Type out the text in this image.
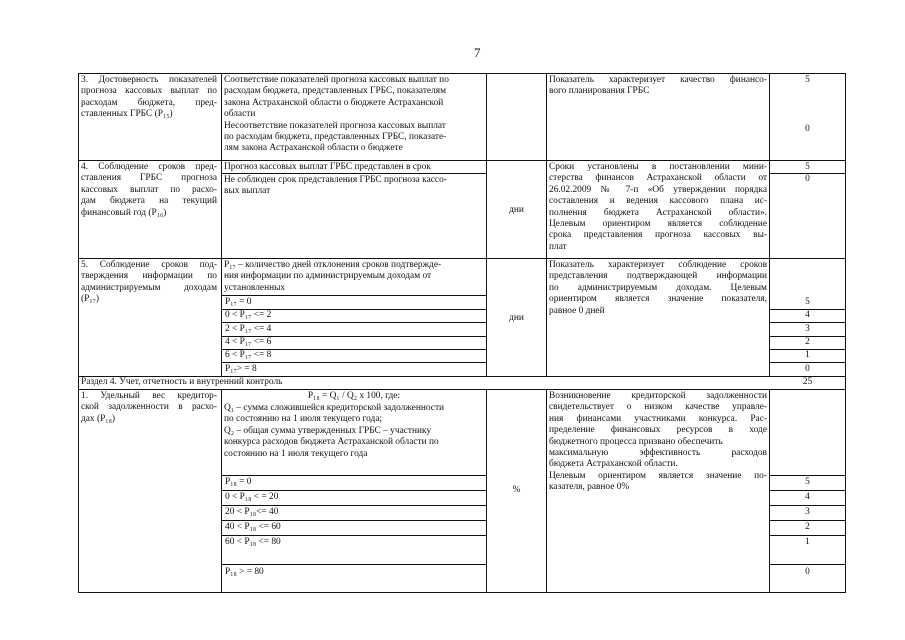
7
3. Достоверность показателей
прогноза кассовых выплат по
расходам бюджета, пред-
ставленных ГРБС (P₁₅)
Соответствие показателей прогноза кассовых выплат по
расходам бюджета, представленных ГРБС, показателям
закона Астраханской области о бюджете Астраханской
области
Несоответствие показателей прогноза кассовых выплат
по расходам бюджета, представленных ГРБС, показате-
лям закона Астраханской области о бюджете
Показатель характеризует качество финансо-
вого планирования ГРБС
5
0
4. Соблюдение сроков пред-
ставления ГРБС прогноза
кассовых выплат по расхо-
дам бюджета на текущий
финансовый год (P₁₆)
Прогноз кассовых выплат ГРБС представлен в срок
Не соблюден срок представления ГРБС прогноза кассо-
вых выплат
дни
Сроки установлены в постановлении мини-
стерства финансов Астраханской области от
26.02.2009 № 7-п «Об утверждении порядка
составления и ведения кассового плана ис-
полнения бюджета Астраханской области».
Целевым ориентиром является соблюдение
срока представления прогноза кассовых вы-
плат
5
0
5. Соблюдение сроков под-
тверждения информации по
администрируемым доходам
(P₁₇)
P₁₇ – количество дней отклонения сроков подтвержде-
ния информации по администрируемым доходам от
установленных
P₁₇ = 0
0 < P₁₇ <= 2
2 < P₁₇ <= 4
4 < P₁₇ <= 6
6 < P₁₇ <= 8
P₁₇> = 8
дни
Показатель характеризует соблюдение сроков
представления подтверждающей информации
по администрируемым доходам. Целевым
ориентиром является значение показателя,
равное 0 дней
5
4
3
2
1
0
Раздел 4. Учет, отчетность и внутренний контроль	25
1. Удельный вес кредитор-
ской задолженности в расхо-
дах (P₁₈)
P₁₈ = Q₁ / Q₂ x 100, где:
Q₁ – сумма сложившейся кредиторской задолженности
по состоянию на 1 июля текущего года;
Q₂ – общая сумма утвержденных ГРБС – участнику
конкурса расходов бюджета Астраханской области по
состоянию на 1 июля текущего года
P₁₈ = 0
0 < P₁₈ < = 20
20 < P₁₈<= 40
40 < P₁₈ <= 60
60 < P₁₈ <= 80
P₁₈ > = 80
%
Возникновение кредиторской задолженности
свидетельствует о низком качестве управле-
ния финансами участниками конкурса. Рас-
пределение финансовых ресурсов в ходе
бюджетного процесса призвано обеспечить
максимальную эффективность расходов
бюджета Астраханской области.
Целевым ориентиром является значение по-
казателя, равное 0%
5
4
3
2
1
0
